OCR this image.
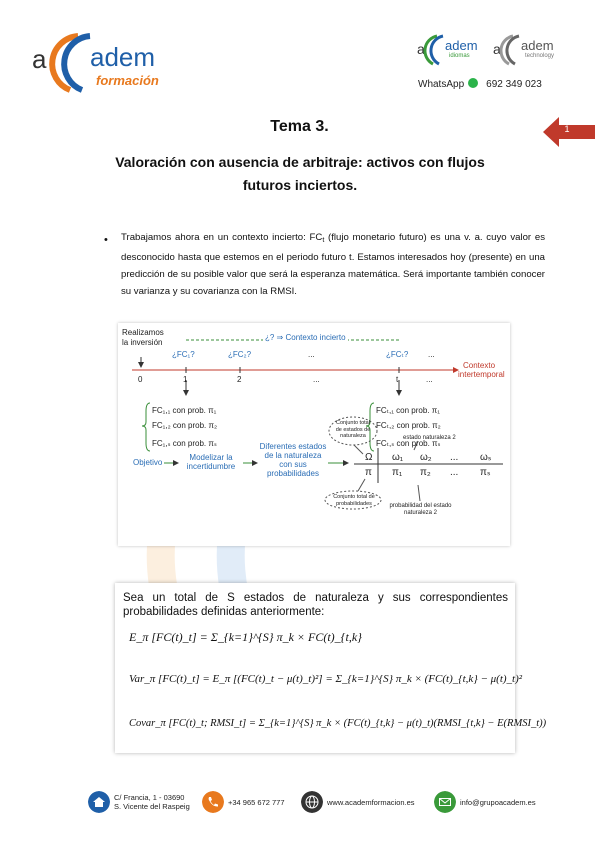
a adem
formación
a	a
adem
idiomas
adem
technology
WhatsApp 692 349 023
1
Tema 3.
Valoración con ausencia de arbitraje: activos con flujos futuros inciertos.
• Trabajamos ahora en un contexto incierto: $FC_t$ (flujo monetario futuro) es una v. a. cuyo valor es desconocido hasta que estemos en el periodo futuro t. Estamos interesados hoy (presente) en una predicción de su posible valor que será la esperanza matemática. Será importante también conocer su varianza y su covarianza con la RMSI.
Realizamos
la inversión
¿? ⇒ Contexto incierto
¿FC₁?	¿FC₂?	...	¿FCₜ? ...
0	1	2	...	t	...
Contexto
intertemporal
FC₁,₁ con prob. π₁
FC₁,₂ con prob. π₂
FC₁,ₛ con prob. πₛ
FCₜ,₁ con prob. π₁
FCₜ,₂ con prob. π₂
FCₜ,ₛ con prob. πₛ
Conjunto total de estados de naturaleza
Objetivo
Modelizar la incertidumbre
Diferentes estados de la naturaleza con sus probabilidades
Ω
π
ω₁ ω₂ ... ωₛ
π₁ π₂ ... πₛ
estado naturaleza 2
Conjunto total de probabilidades	probabilidad del estado naturaleza 2
Sea un total de S estados de naturaleza y sus correspondientes probabilidades definidas anteriormente:
E_π [FC(t)_t] = Σ_{k=1}^{S} π_k × FC(t)_{t,k}
Var_π [FC(t)_t] = E_π [(FC(t)_t − μ(t)_t)²] = Σ_{k=1}^{S} π_k × (FC(t)_{t,k} − μ(t)_t)²
Covar_π [FC(t)_t; RMSI_t] = Σ_{k=1}^{S} π_k × (FC(t)_{t,k} − μ(t)_t)(RMSI_{t,k} − E(RMSI_t))
C/ Francia, 1 - 03690
S. Vicente del Raspeig	+34 965 672 777	www.academformacion.es	info@grupoacadem.es
